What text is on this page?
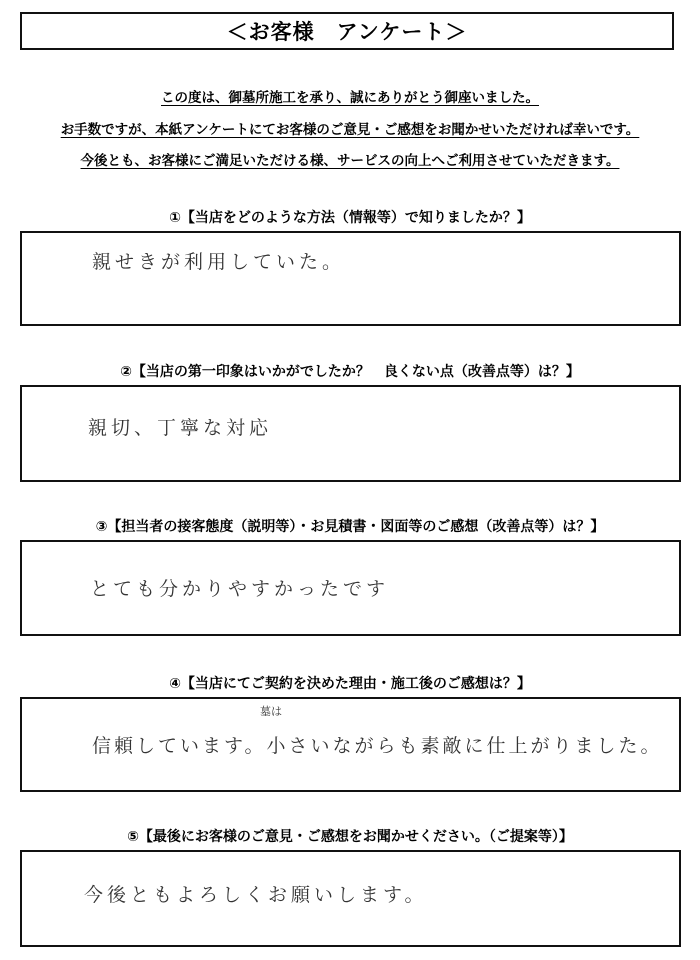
＜お客様　アンケート＞
この度は、御墓所施工を承り、誠にありがとう御座いました。
お手数ですが、本紙アンケートにてお客様のご意見・ご感想をお聞かせいただければ幸いです。
今後とも、お客様にご満足いただける様、サービスの向上へご利用させていただきます。
①【当店をどのような方法（情報等）で知りましたか？】
親せきが利用していた。
②【当店の第一印象はいかがでしたか？　良くない点（改善点等）は？】
親切、丁寧な対応
③【担当者の接客態度（説明等）・お見積書・図面等のご感想（改善点等）は？】
とても分かりやすかったです
④【当店にてご契約を決めた理由・施工後のご感想は？】
墓は
信頼しています。小さいながらも素敵に仕上がりました。
⑤【最後にお客様のご意見・ご感想をお聞かせください。（ご提案等）】
今後ともよろしくお願いします。
